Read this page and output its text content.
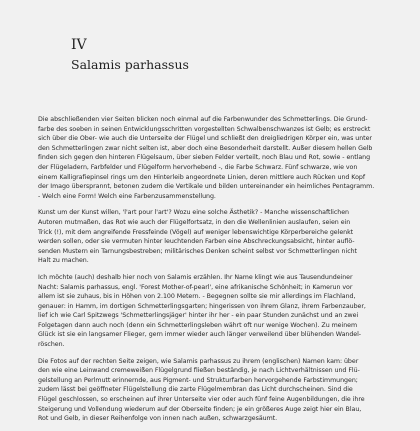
IV
Salamis parhassus

Die abschließenden vier Seiten blicken noch einmal auf die Farbenwunder des Schmetterlings. Die Grund-
farbe des soeben in seinen Entwicklungsschritten vorgestellten Schwalbenschwanzes ist Gelb; es erstreckt
sich über die Ober- wie auch die Unterseite der Flügel und schließt den dreigliedrigen Körper ein, was unter
den Schmetterlingen zwar nicht selten ist, aber doch eine Besonderheit darstellt. Außer diesem hellen Gelb
finden sich gegen den hinteren Flügelsaum, über sieben Felder verteilt, noch Blau und Rot, sowie - entlang
der Flügeladern, Farbfelder und Flügelform hervorhebend -, die Farbe Schwarz. Fünf schwarze, wie von
einem Kalligrafiepinsel rings um den Hinterleib angeordnete Linien, deren mittlere auch Rücken und Kopf
der Imago übersprannt, betonen zudem die Vertikale und bilden untereinander ein heimliches Pentagramm.
- Welch eine Form! Welch eine Farbenzusammenstellung.

Kunst um der Kunst willen, 'l'art pour l'art'? Wozu eine solche Ästhetik? - Manche wissenschaftlichen
Autoren mutmaßen, das Rot wie auch der Flügelfortsatz, in den die Wellenlinien auslaufen, seien ein
Trick (!), mit dem angreifende Fressfeinde (Vögel) auf weniger lebenswichtige Körperbereiche gelenkt
werden sollen, oder sie vermuten hinter leuchtenden Farben eine Abschreckungsabsicht, hinter auflö-
senden Mustern ein Tarnungsbestreben; militärisches Denken scheint selbst vor Schmetterlingen nicht
Halt zu machen.

Ich möchte (auch) deshalb hier noch von Salamis erzählen. Ihr Name klingt wie aus Tausendundeiner
Nacht: Salamis parhassus, engl. 'Forest Mother-of-pearl', eine afrikanische Schönheit; in Kamerun vor
allem ist sie zuhaus, bis in Höhen von 2.100 Metern. - Begegnen sollte sie mir allerdings im Flachland,
genauer: in Hamm, im dortigen Schmetterlingsgarten; hingerissen von ihrem Glanz, ihrem Farbenzauber,
lief ich wie Carl Spitzwegs 'Schmetterlingsjäger' hinter ihr her - ein paar Stunden zunächst und an zwei
Folgetagen dann auch noch (denn ein Schmetterlingsleben währt oft nur wenige Wochen). Zu meinem
Glück ist sie ein langsamer Flieger, gern immer wieder auch länger verweilend über blühenden Wandel-
röschen.

Die Fotos auf der rechten Seite zeigen, wie Salamis parhassus zu ihrem (englischen) Namen kam: über
den wie eine Leinwand cremeweißen Flügelgrund fließen beständig, je nach Lichtverhältnissen und Flü-
gelstellung an Perlmutt erinnernde, aus Pigment- und Strukturfarben hervorgehende Farbstimmungen;
zudem lässt bei geöffneter Flügelstellung die zarte Flügelmembran das Licht durchscheinen. Sind die
Flügel geschlossen, so erscheinen auf ihrer Unterseite vier oder auch fünf feine Augenbildungen, die ihre
Steigerung und Vollendung wiederum auf der Oberseite finden; je ein größeres Auge zeigt hier ein Blau,
Rot und Gelb, in dieser Reihenfolge von innen nach außen, schwarzgesäumt.
